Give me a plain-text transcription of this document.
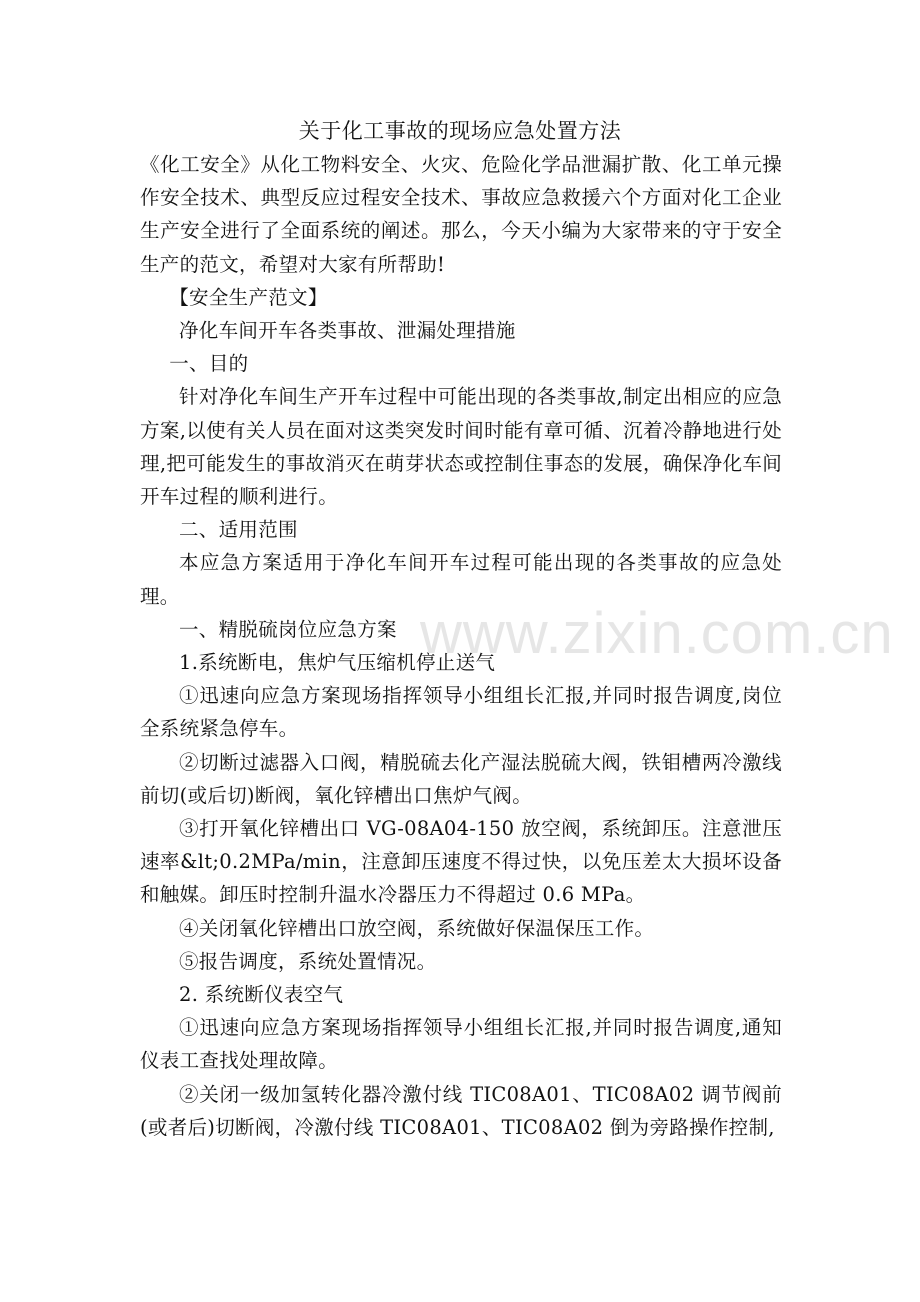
www.zixin.com.cn
关于化工事故的现场应急处置方法

《化工安全》从化工物料安全、火灾、危险化学品泄漏扩散、化工单元操作安全技术、典型反应过程安全技术、事故应急救援六个方面对化工企业生产安全进行了全面系统的阐述。那么，今天小编为大家带来的守于安全生产的范文，希望对大家有所帮助!

【安全生产范文】

净化车间开车各类事故、泄漏处理措施

一、目的

针对净化车间生产开车过程中可能出现的各类事故,制定出相应的应急方案,以使有关人员在面对这类突发时间时能有章可循、沉着冷静地进行处理,把可能发生的事故消灭在萌芽状态或控制住事态的发展，确保净化车间开车过程的顺利进行。

二、适用范围

本应急方案适用于净化车间开车过程可能出现的各类事故的应急处理。

一、精脱硫岗位应急方案

1.系统断电，焦炉气压缩机停止送气

①迅速向应急方案现场指挥领导小组组长汇报,并同时报告调度,岗位全系统紧急停车。

②切断过滤器入口阀，精脱硫去化产湿法脱硫大阀，铁钼槽两冷激线前切(或后切)断阀，氧化锌槽出口焦炉气阀。

③打开氧化锌槽出口 VG-08A04-150 放空阀，系统卸压。注意泄压速率&lt;0.2MPa/min，注意卸压速度不得过快，以免压差太大损坏设备和触媒。卸压时控制升温水冷器压力不得超过 0.6 MPa。

④关闭氧化锌槽出口放空阀，系统做好保温保压工作。

⑤报告调度，系统处置情况。

2. 系统断仪表空气

①迅速向应急方案现场指挥领导小组组长汇报,并同时报告调度,通知仪表工查找处理故障。

②关闭一级加氢转化器冷激付线 TIC08A01、TIC08A02 调节阀前(或者后)切断阀，冷激付线 TIC08A01、TIC08A02 倒为旁路操作控制,
